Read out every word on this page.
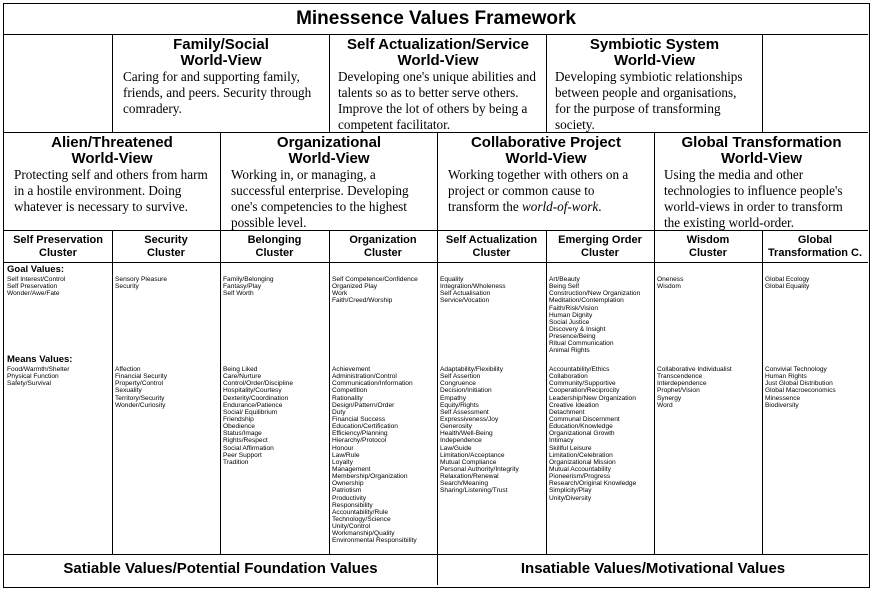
Minessence Values Framework
Family/Social
World-View
Caring for and supporting family,
friends, and peers. Security through
comradery.
Self Actualization/Service
World-View
Developing one's unique abilities and
talents so as to better serve others.
Improve the lot of others by being a
competent facilitator.
Symbiotic System
World-View
Developing symbiotic relationships
between people and organisations,
for the purpose of transforming
society.
Alien/Threatened
World-View
Protecting self and others from harm
in a hostile environment. Doing
whatever is necessary to survive.
Organizational
World-View
Working in, or managing, a
successful enterprise. Developing
one's competencies to the highest
possible level.
Collaborative Project
World-View
Working together with others on a
project or common cause to
transform the world-of-work.
Global Transformation
World-View
Using the media and other
technologies to influence people's
world-views in order to transform
the existing world-order.
Self Preservation
Cluster
Security
Cluster
Belonging
Cluster
Organization
Cluster
Self Actualization
Cluster
Emerging Order
Cluster
Wisdom
Cluster
Global
Transformation C.
Goal Values:
Means Values:
Self Interest/Control
Self Preservation
Wonder/Awe/Fate
Sensory Pleasure
Security
Family/Belonging
Fantasy/Play
Self Worth
Self Competence/Confidence
Organized Play
Work
Faith/Creed/Worship
Equality
Integration/Wholeness
Self Actualisation
Service/Vocation
Art/Beauty
Being Self
Construction/New Organization
Meditation/Contemplation
Faith/Risk/Vision
Human Dignity
Social Justice
Discovery & Insight
Presence/Being
Ritual Communication
Animal Rights
Oneness
Wisdom
Global Ecology
Global Equality
Food/Warmth/Shelter
Physical Function
Safety/Survival
Affection
Financial Security
Property/Control
Sexuality
Territory/Security
Wonder/Curiosity
Being Liked
Care/Nurture
Control/Order/Discipline
Hospitality/Courtesy
Dexterity/Coordination
Endurance/Patience
Social/ Equilibrium
Friendship
Obedience
Status/Image
Rights/Respect
Social Affirmation
Peer Support
Tradition
Achievement
Administration/Control
Communication/Information
Competition
Rationality
Design/Pattern/Order
Duty
Financial Success
Education/Certification
Efficiency/Planning
Hierarchy/Protocol
Honour
Law/Rule
Loyalty
Management
Membership/Organization
Ownership
Patriotism
Productivity
Responsibility
Accountability/Rule
Technology/Science
Unity/Control
Workmanship/Quality
Environmental Responsibility
Adaptability/Flexibility
Self Assertion
Congruence
Decision/Initiation
Empathy
Equity/Rights
Self Assessment
Expressiveness/Joy
Generosity
Health/Well-Being
Independence
Law/Guide
Limitation/Acceptance
Mutual Compliance
Personal Authority/Integrity
Relaxation/Renewal
Search/Meaning
Sharing/Listening/Trust
Accountability/Ethics
Collaboration
Community/Supportive
Cooperation/Reciprocity
Leadership/New Organization
Creative Ideation
Detachment
Communal Discernment
Education/Knowledge
Organizational Growth
Intimacy
Skillful Leisure
Limitation/Celebration
Organizational Mission
Mutual Accountability
Pioneerism/Progress
Research/Original Knowledge
Simplicity/Play
Unity/Diversity
Collaborative Individualist
Transcendence
Interdependence
Prophet/Vision
Synergy
Word
Convivial Technology
Human Rights
Just Global Distribution
Global Macroeconomics
Minessence
Biodiversity
Satiable Values/Potential Foundation Values	Insatiable Values/Motivational Values
